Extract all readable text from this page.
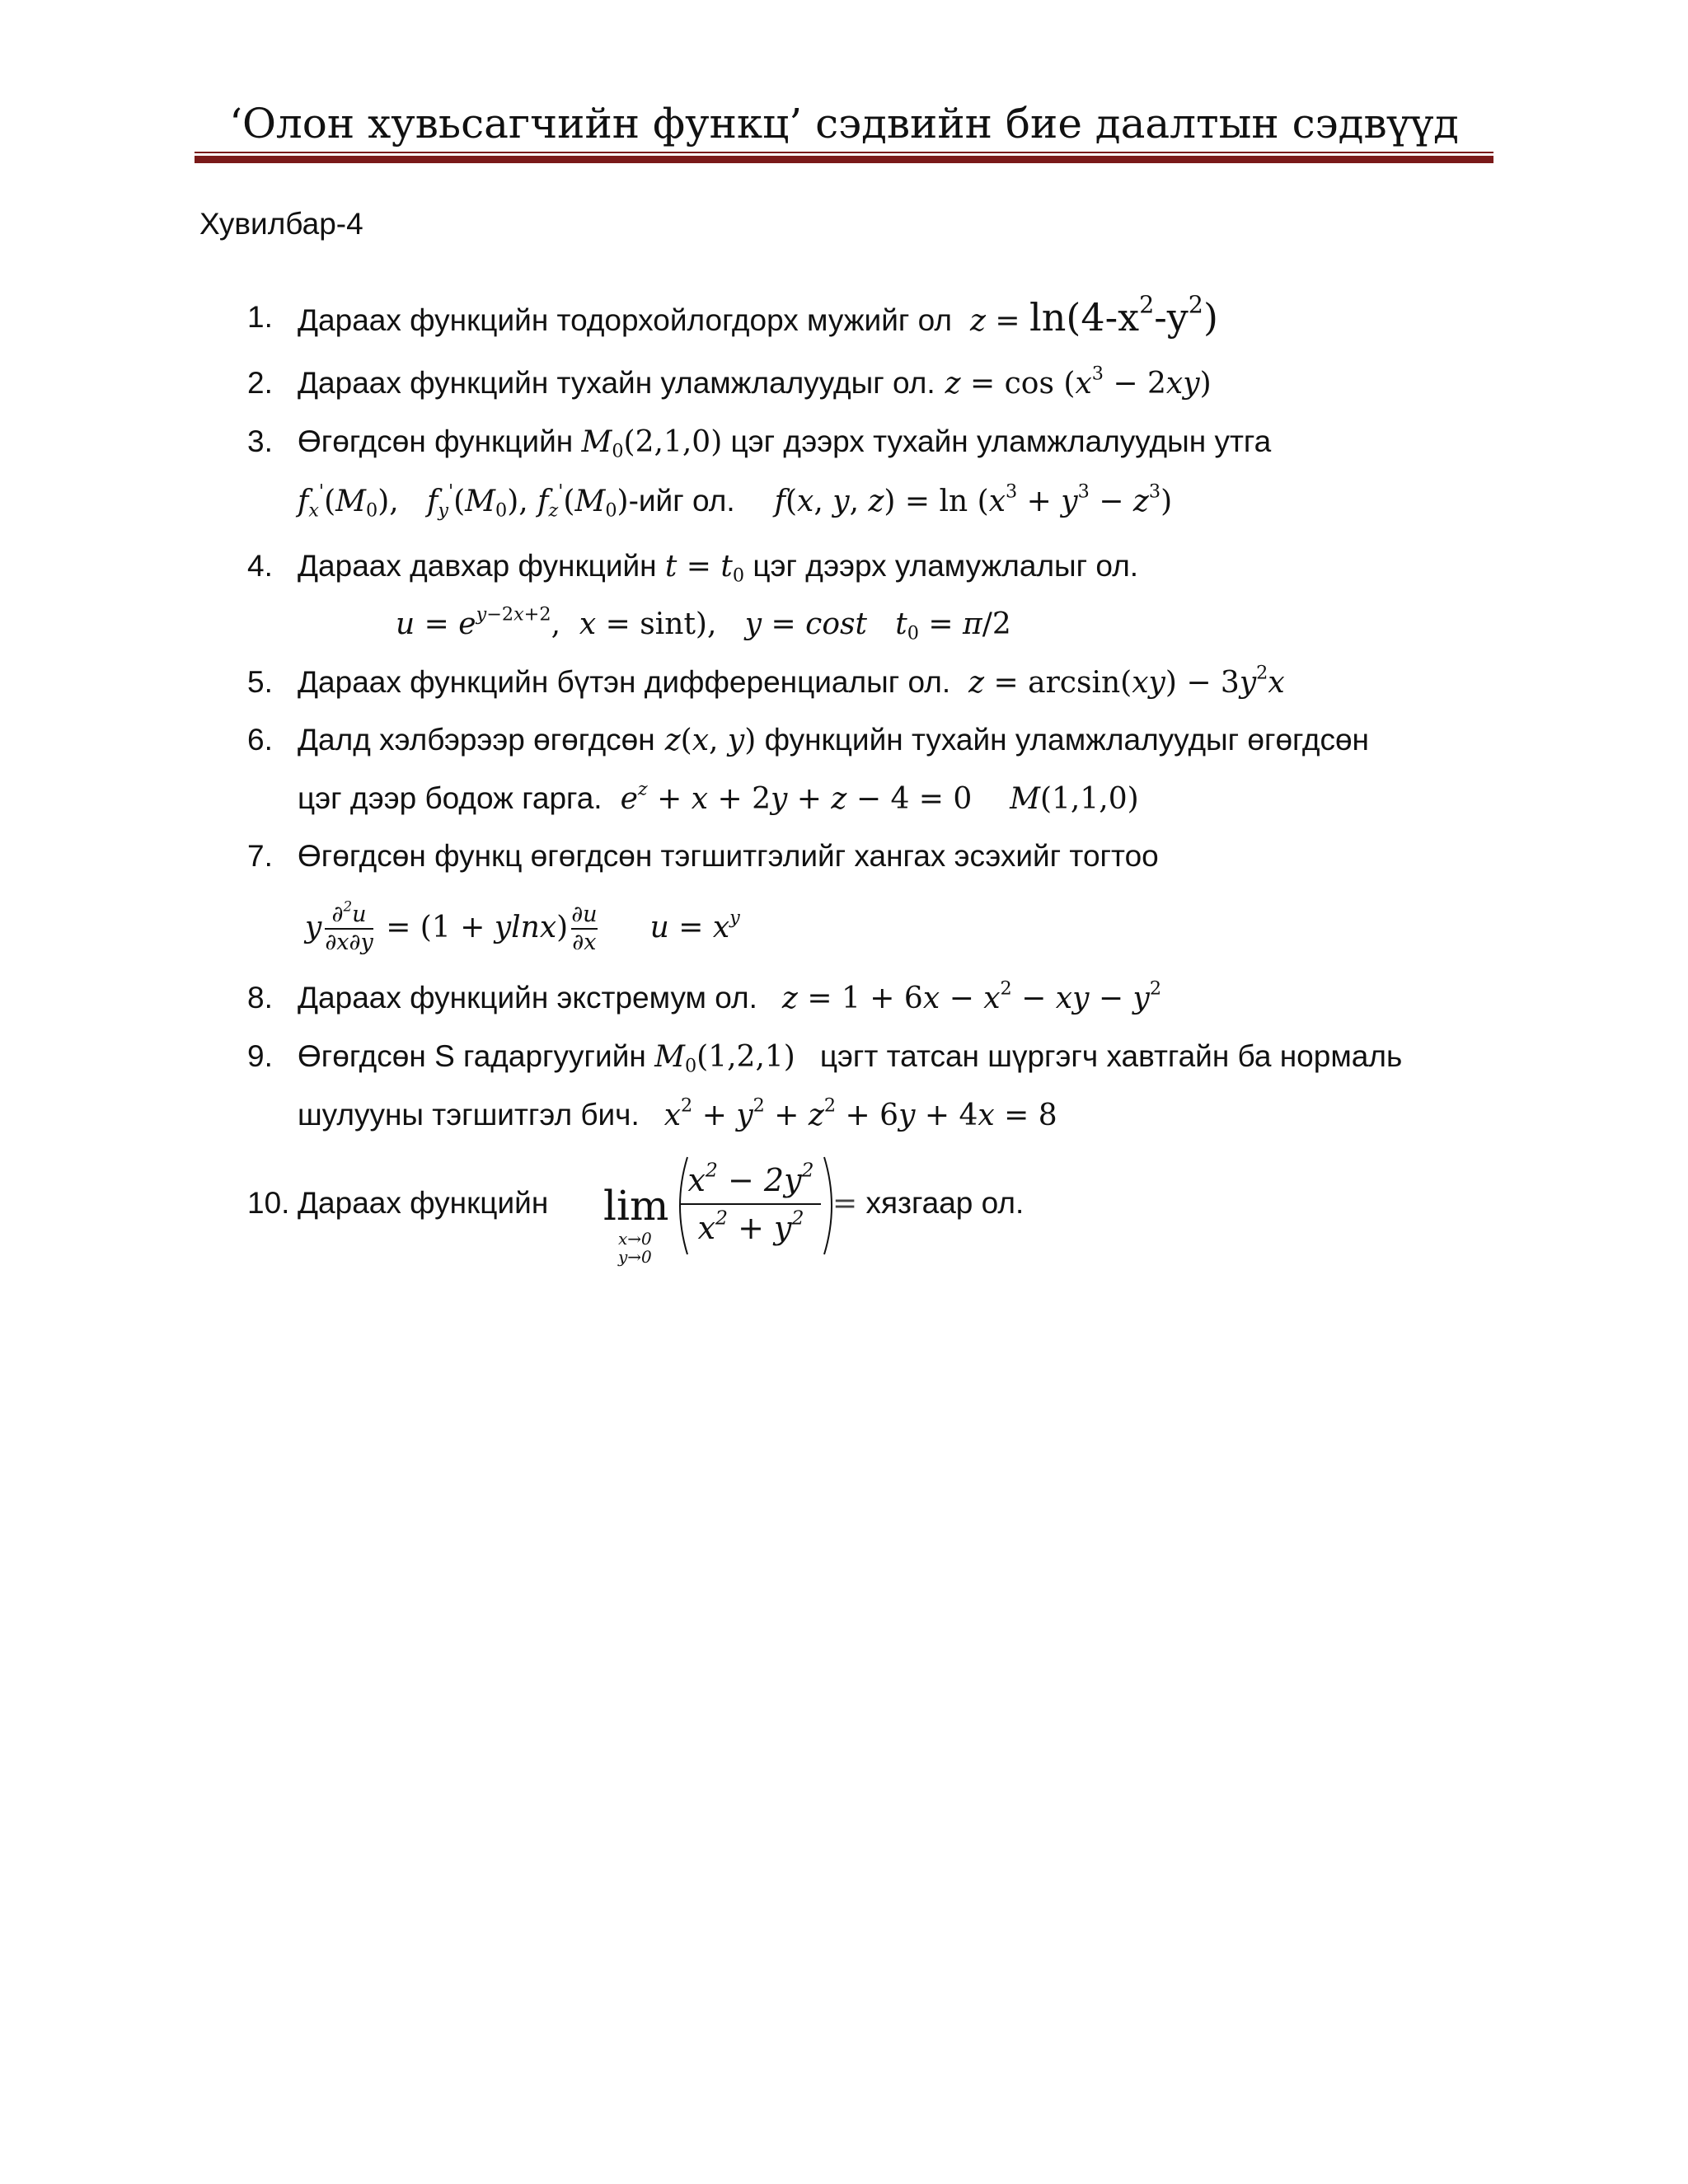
‘Олон хувьсагчийн функц’ сэдвийн бие даалтын сэдвүүд
Хувилбар-4
1. Дараах функцийн тодорхойлогдорх мужийг ол $z = \ln(4-x^2-y^2)$
2. Дараах функцийн тухайн уламжлалуудыг ол. $z = \cos (x^3 - 2xy)$
3. Өгөгдсөн функцийн $M_0(2,1,0)$ цэг дээрх тухайн уламжлалуудын утга
$f_x'(M_0)$,   $f_y'(M_0)$, $f_z'(M_0)$-ийг ол. f(x, y, $z) = \ln (x^3 + y^3 - z^3)$
4. Дараах давхар функцийн $t = t_0$ цэг дээрх уламужлалыг ол.
$u = e^{y-2x+2}$,  x = sint),   y = cost $t_0 = \pi/2$
5. Дараах функцийн бүтэн дифференциалыг ол. $z = \arcsin(xy) - 3y^2x$
6. Далд хэлбэрээр өгөгдсөн z(x, y) функцийн тухайн уламжлалуудыг өгөгдсөн
цэг дээр бодож гарга. $e^z + x + 2y + z - 4 = 0$    M(1,1,0)
7. Өгөгдсөн функц өгөгдсөн тэгшитгэлийг хангах эсэхийг тогтоо
y $\frac{\partial^2u}{\partial x\partial y} = (1 + ylnx) \frac{\partial u}{\partial x}$ $u = x^y$
8. Дараах функцийн экстремум ол. $z = 1 + 6x - x^2$ − xy − $y^2$
9. Өгөгдсөн S гадаргуугийн $M_0(1,2,1)$ цэгт татсан шүргэгч хавтгайн ба нормаль
шулууны тэгшитгэл бич. $x^2 + y^2 + z^2 + 6y + 4x = 8$
10. Дараах функцийн lim
x→0
y→0
$x^2 - 2y^2$
$x^2 + y^2$ = хязгаар ол.
